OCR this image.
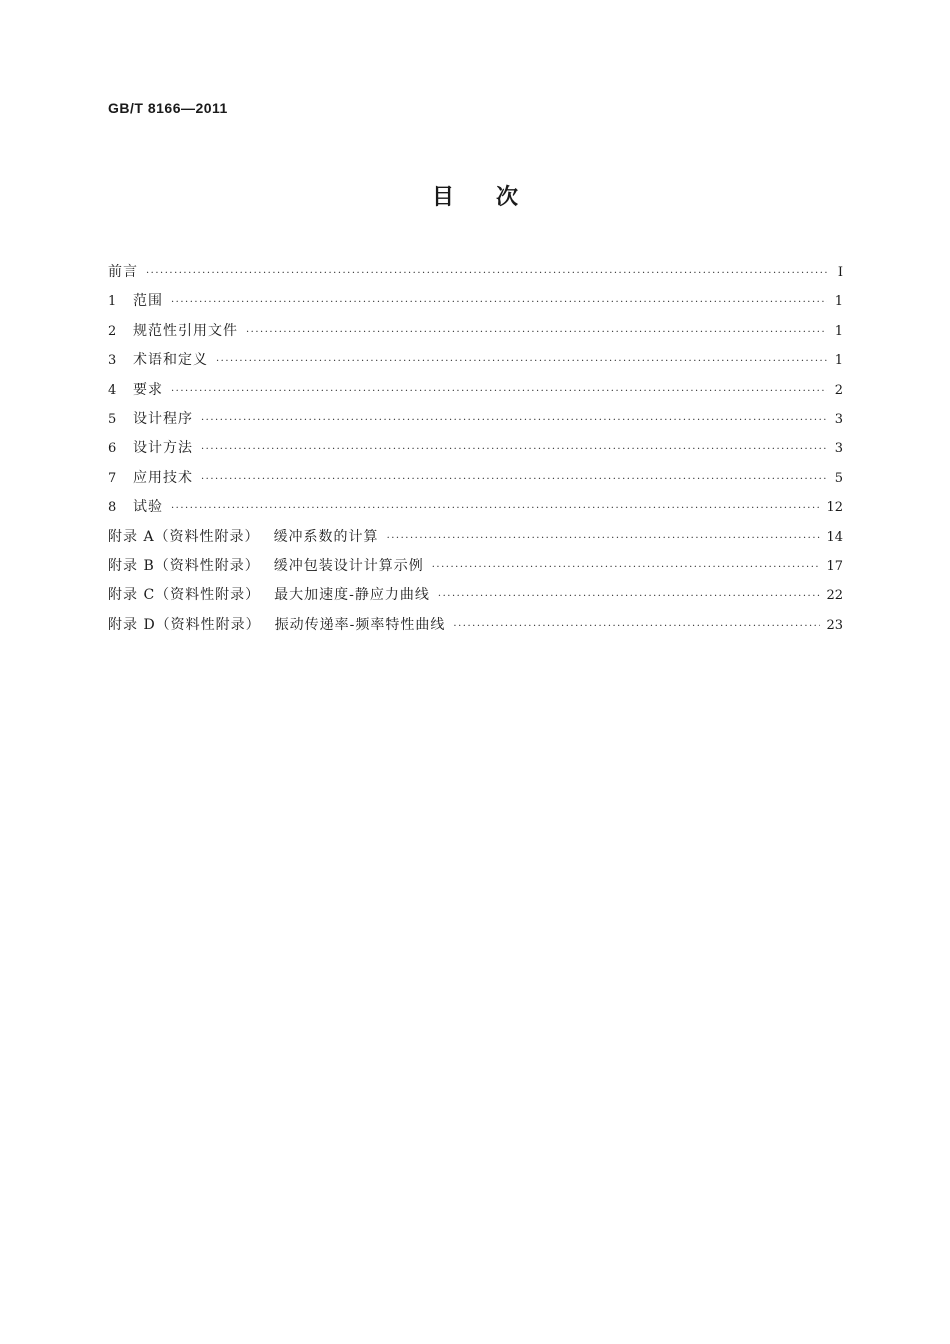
GB/T 8166—2011
目次
前言 ·····	Ⅰ
1	范围 ·····	1
2	规范性引用文件 ·····	1
3	术语和定义 ·····	1
4	要求 ·····	2
5	设计程序 ·····	3
6	设计方法 ·····	3
7	应用技术 ·····	5
8	试验 ·····	12
附录 A（资料性附录） 缓冲系数的计算 ·····	14
附录 B（资料性附录） 缓冲包装设计计算示例 ·····	17
附录 C（资料性附录） 最大加速度-静应力曲线 ·····	22
附录 D（资料性附录） 振动传递率-频率特性曲线 ·····	23
